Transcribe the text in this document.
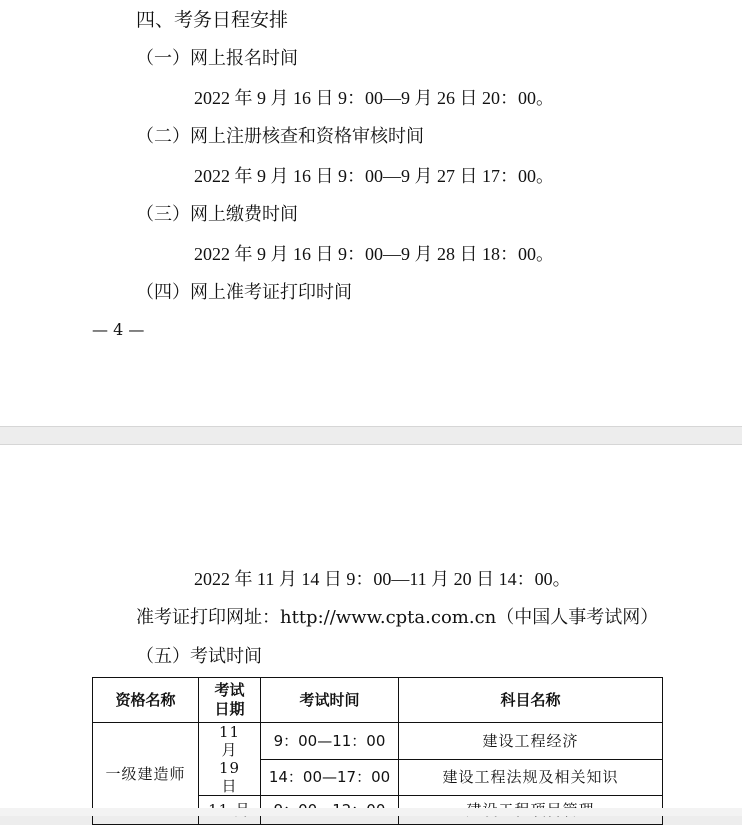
四、考务日程安排
（一）网上报名时间
2022 年 9 月 16 日 9：00—9 月 26 日 20：00。
（二）网上注册核查和资格审核时间
2022 年 9 月 16 日 9：00—9 月 27 日 17：00。
（三）网上缴费时间
2022 年 9 月 16 日 9：00—9 月 28 日 18：00。
（四）网上准考证打印时间
— 4 —
2022 年 11 月 14 日 9：00—11 月 20 日 14：00。
准考证打印网址：http://www.cpta.com.cn（中国人事考试网）
（五）考试时间
资格名称	考试日期	考试时间	科目名称
一级建造师	11 月 19 日	9：00—11：00	建设工程经济
		14：00—17：00	建设工程法规及相关知识
